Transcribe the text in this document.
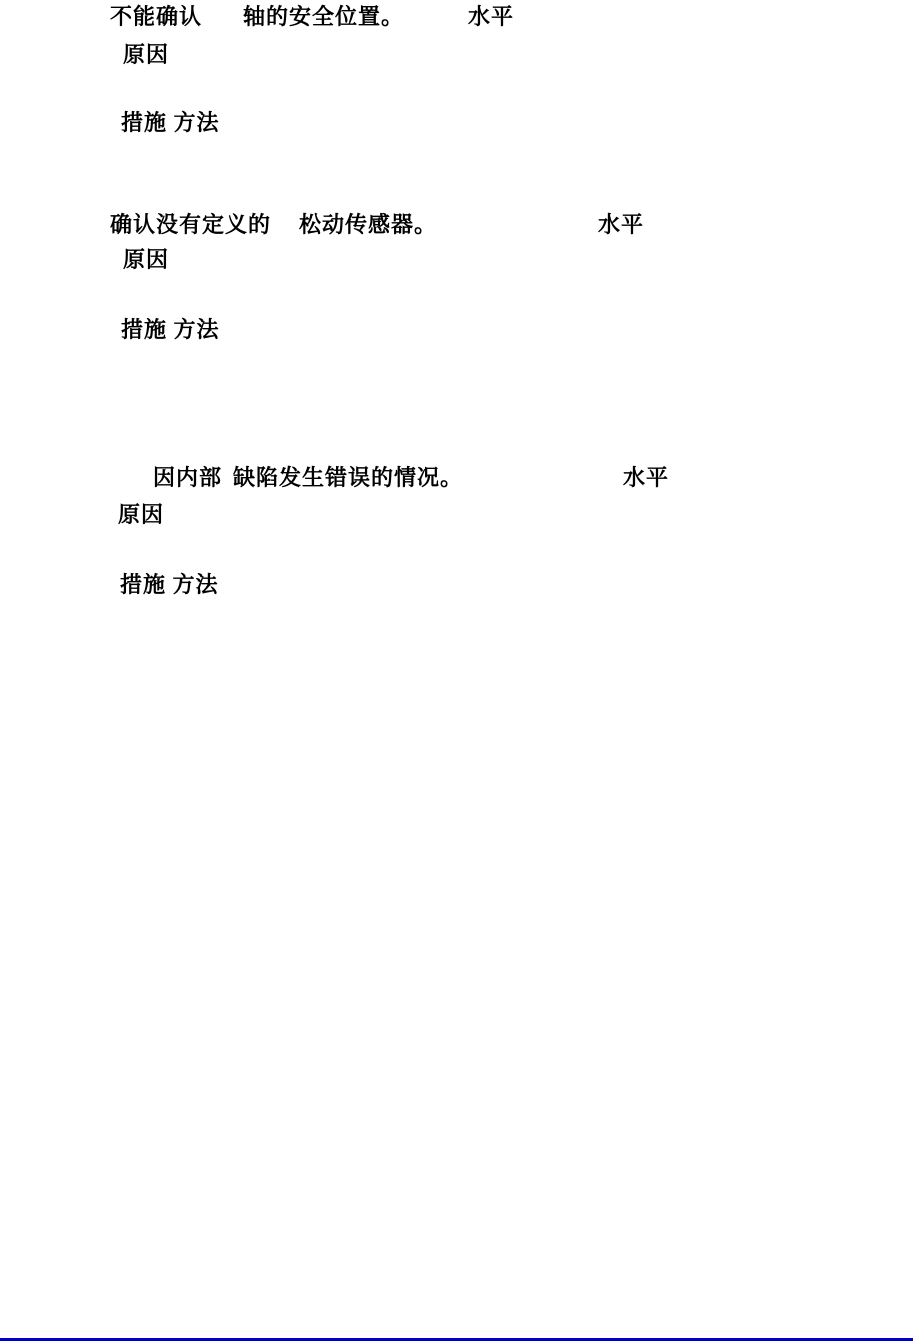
不能确认 轴的安全位置。	水平
原因
措施 方法
确认没有定义的 松动传感器。	水平
原因
措施 方法
因内部 缺陷发生错误的情况。	水平
原因
措施 方法
